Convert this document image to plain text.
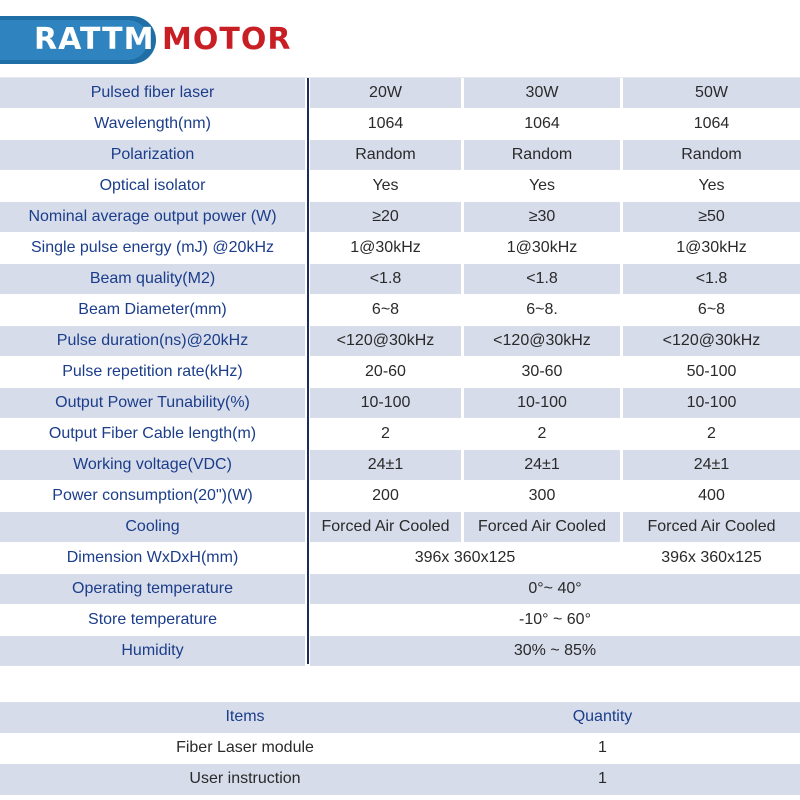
RATTM MOTOR
Pulsed fiber laser	20W	30W	50W
Wavelength(nm)	1064	1064	1064
Polarization	Random	Random	Random
Optical isolator	Yes	Yes	Yes
Nominal average output power (W)	≥20	≥30	≥50
Single pulse energy (mJ) @20kHz	1@30kHz	1@30kHz	1@30kHz
Beam quality(M2)	<1.8	<1.8	<1.8
Beam Diameter(mm)	6~8	6~8.	6~8
Pulse duration(ns)@20kHz	<120@30kHz	<120@30kHz	<120@30kHz
Pulse repetition rate(kHz)	20-60	30-60	50-100
Output Power Tunability(%)	10-100	10-100	10-100
Output Fiber Cable length(m)	2	2	2
Working voltage(VDC)	24±1	24±1	24±1
Power consumption(20")(W)	200	300	400
Cooling	Forced Air Cooled	Forced Air Cooled	Forced Air Cooled
Dimension WxDxH(mm)	396x 360x125	396x 360x125
Operating temperature	0°~ 40°
Store temperature	-10° ~ 60°
Humidity	30% ~ 85%
Items	Quantity
Fiber Laser module	1
User instruction	1
